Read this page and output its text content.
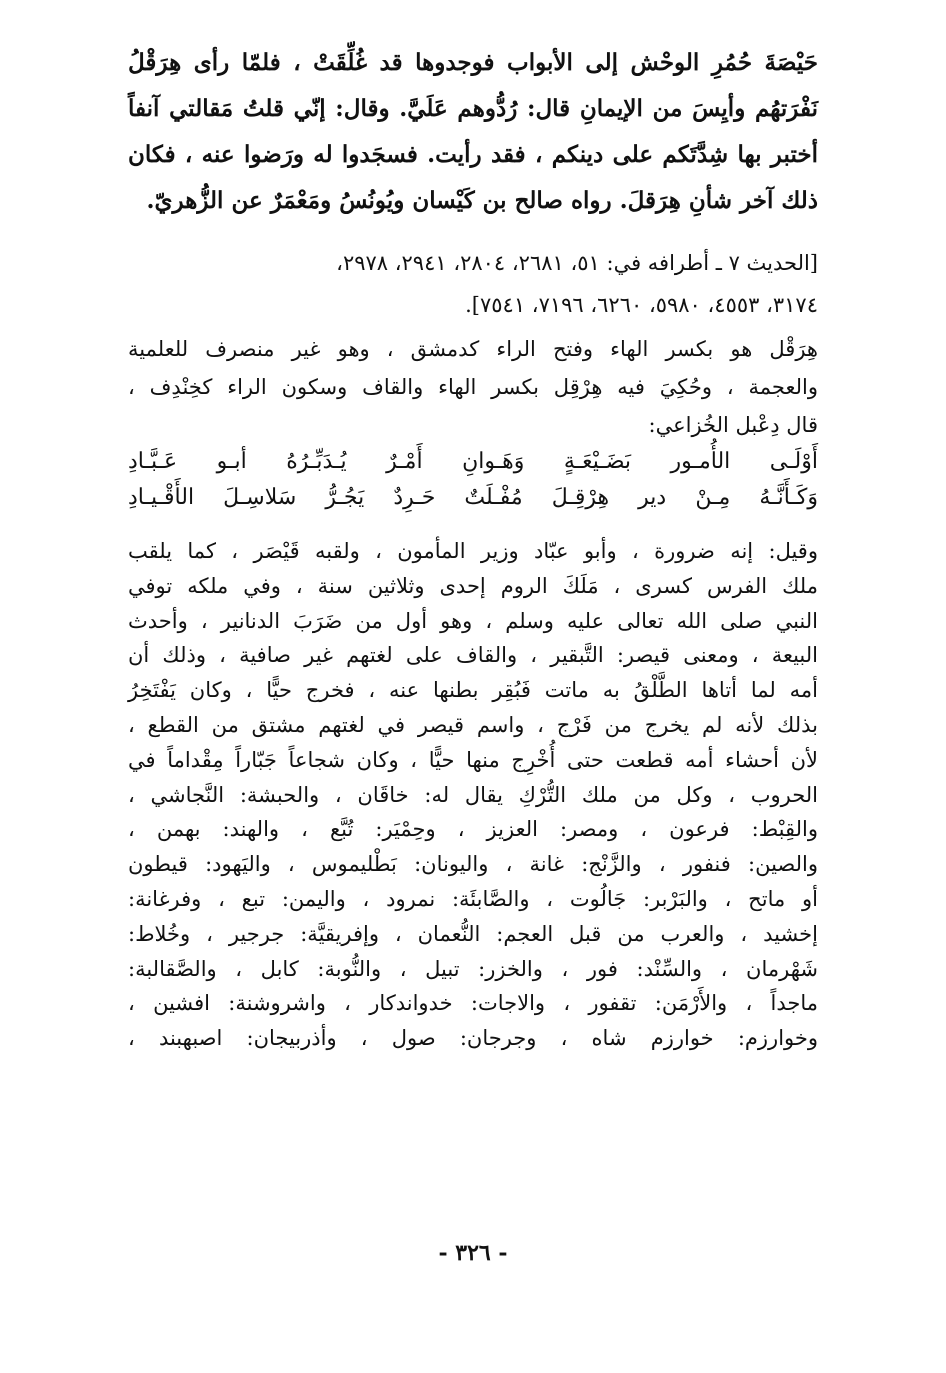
حَيْصَةَ حُمُرِ الوحْش إلى الأبواب فوجدوها قد غُلِّقَتْ ، فلمّا رأى هِرَقْلُ
نَفْرَتهُم وأيِسَ من الإيمانِ قال: رُدُّوهم عَلَيَّ. وقال: إنّي قلتُ مَقالتي آنفاً
أختبر بها شِدَّتَكم على دينكم ، فقد رأيت. فسجَدوا له ورَضوا عنه ، فكان
ذلك آخر شأنِ هِرَقلَ. رواه صالح بن كَيْسان ويُونُسُ ومَعْمَرٌ عن الزُّهريّ.
[الحديث ٧ ـ أطرافه في: ٥١، ٢٦٨١، ٢٨٠٤، ٢٩٤١، ٢٩٧٨،
٣١٧٤، ٤٥٥٣، ٥٩٨٠، ٦٢٦٠، ٧١٩٦، ٧٥٤١].
هِرَقْل هو بكسر الهاء وفتح الراء كدمشق ، وهو غير منصرف للعلمية
والعجمة ، وحُكِيَ فيه هِرْقِل بكسر الهاء والقاف وسكون الراء كخِنْدِف ،
قال دِعْبل الخُزاعي:
أَوْلَـى الأُمـور بَضَـيْعَـةٍ وَهَـوانِ أَمْـرٌ يُـدَبِّـرُهُ أبـو عَـبَّـادِ
وَكَـأَنَّـهُ مِـنْ دير هِرْقِـلَ مُفْـلَتٌ حَـرِدٌ يَجُـرُّ سَلاسِـلَ الأَقْـيـادِ
وقيل: إنه ضرورة ، وأبو عبّاد وزير المأمون ، ولقبه قَيْصَر ، كما يلقب
ملك الفرس كسرى ، مَلَكَ الروم إحدى وثلاثين سنة ، وفي ملكه توفي
النبي صلى الله تعالى عليه وسلم ، وهو أول من ضَرَبَ الدنانير ، وأحدث
البيعة ، ومعنى قيصر: التَّبقير ، والقاف على لغتهم غير صافية ، وذلك أن
أمه لما أتاها الطَّلْقُ به ماتت فَبُقِر بطنها عنه ، فخرج حيًّا ، وكان يَفْتَخِرُ
بذلك لأنه لم يخرج من فَرْج ، واسم قيصر في لغتهم مشتق من القطع ،
لأن أحشاء أمه قطعت حتى أُخْرِج منها حيًّا ، وكان شجاعاً جَبّاراً مِقْداماً في
الحروب ، وكل من ملك التُّرْكِ يقال له: خاقَان ، والحبشة: النَّجاشي ،
والقِبْط: فرعون ، ومصر: العزيز ، وحِمْيَر: تُبَّع ، والهند: بهمن ،
والصين: فنفور ، والزَّنْج: غانة ، واليونان: بَطْليموس ، واليَهود: قيطون
أو ماتح ، والبَرْبر: جَالُوت ، والصَّابئَة: نمرود ، واليمن: تبع ، وفرغانة:
إخشيد ، والعرب من قبل العجم: النُّعمان ، وإفريقيَّة: جرجير ، وخُلاط:
شَهْرمان ، والسِّنْد: فور ، والخزر: تبيل ، والنُّوبة: كابل ، والصَّقالبة:
ماجداً ، والأَرْمَن: تقفور ، والاجات: خدواندكار ، واشروشنة: افشين ،
وخوارزم: خوارزم شاه ، وجرجان: صول ، وأذربيجان: اصبهبند ،
- ٣٢٦ -
